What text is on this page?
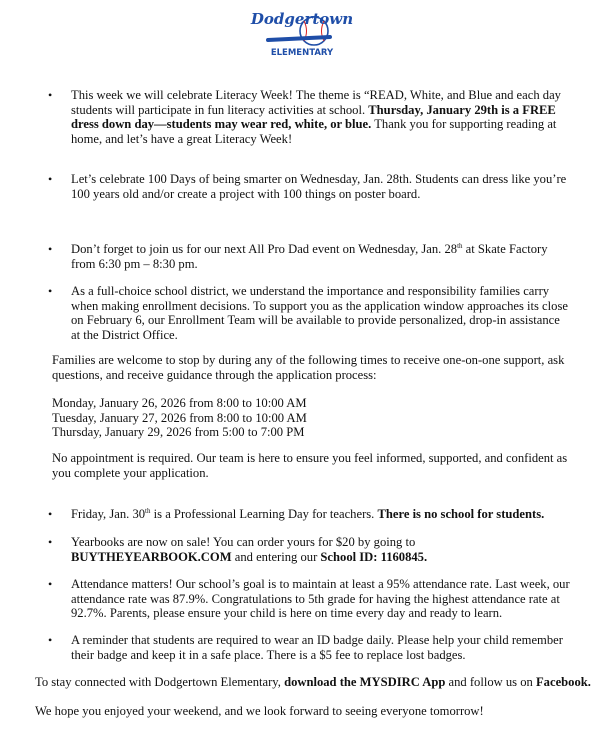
Dodgertown
ELEMENTARY
• This week we will celebrate Literacy Week! The theme is “READ, White, and Blue and each day students will participate in fun literacy activities at school. Thursday, January 29th is a FREE dress down day—students may wear red, white, or blue. Thank you for supporting reading at home, and let’s have a great Literacy Week!
• Let’s celebrate 100 Days of being smarter on Wednesday, Jan. 28th. Students can dress like you’re 100 years old and/or create a project with 100 things on poster board.
• Don’t forget to join us for our next All Pro Dad event on Wednesday, Jan. 28th at Skate Factory from 6:30 pm – 8:30 pm.
• As a full-choice school district, we understand the importance and responsibility families carry when making enrollment decisions. To support you as the application window approaches its close on February 6, our Enrollment Team will be available to provide personalized, drop-in assistance at the District Office.
Families are welcome to stop by during any of the following times to receive one-on-one support, ask questions, and receive guidance through the application process:
Monday, January 26, 2026 from 8:00 to 10:00 AM
Tuesday, January 27, 2026 from 8:00 to 10:00 AM
Thursday, January 29, 2026 from 5:00 to 7:00 PM
No appointment is required. Our team is here to ensure you feel informed, supported, and confident as you complete your application.
• Friday, Jan. 30th is a Professional Learning Day for teachers. There is no school for students.
• Yearbooks are now on sale! You can order yours for $20 by going to BUYTHEYEARBOOK.COM and entering our School ID: 1160845.
• Attendance matters! Our school’s goal is to maintain at least a 95% attendance rate. Last week, our attendance rate was 87.9%. Congratulations to 5th grade for having the highest attendance rate at 92.7%. Parents, please ensure your child is here on time every day and ready to learn.
• A reminder that students are required to wear an ID badge daily. Please help your child remember their badge and keep it in a safe place. There is a $5 fee to replace lost badges.
To stay connected with Dodgertown Elementary, download the MYSDIRC App and follow us on Facebook.
We hope you enjoyed your weekend, and we look forward to seeing everyone tomorrow!
